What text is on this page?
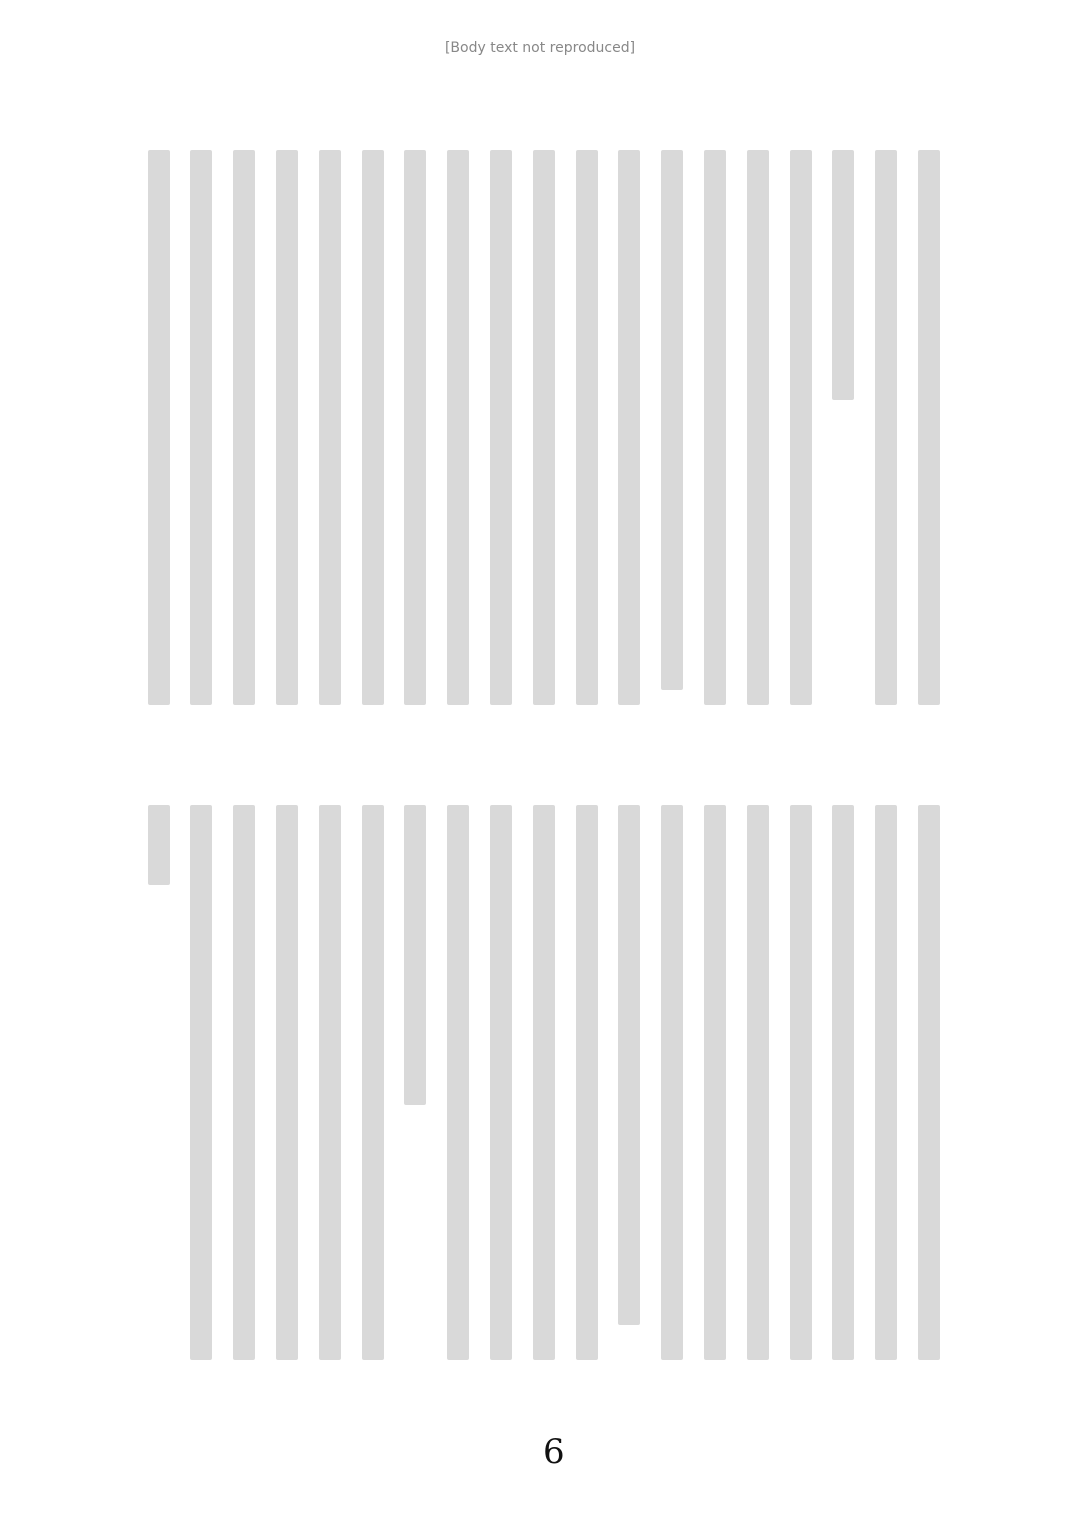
[Body text not reproduced]
6
